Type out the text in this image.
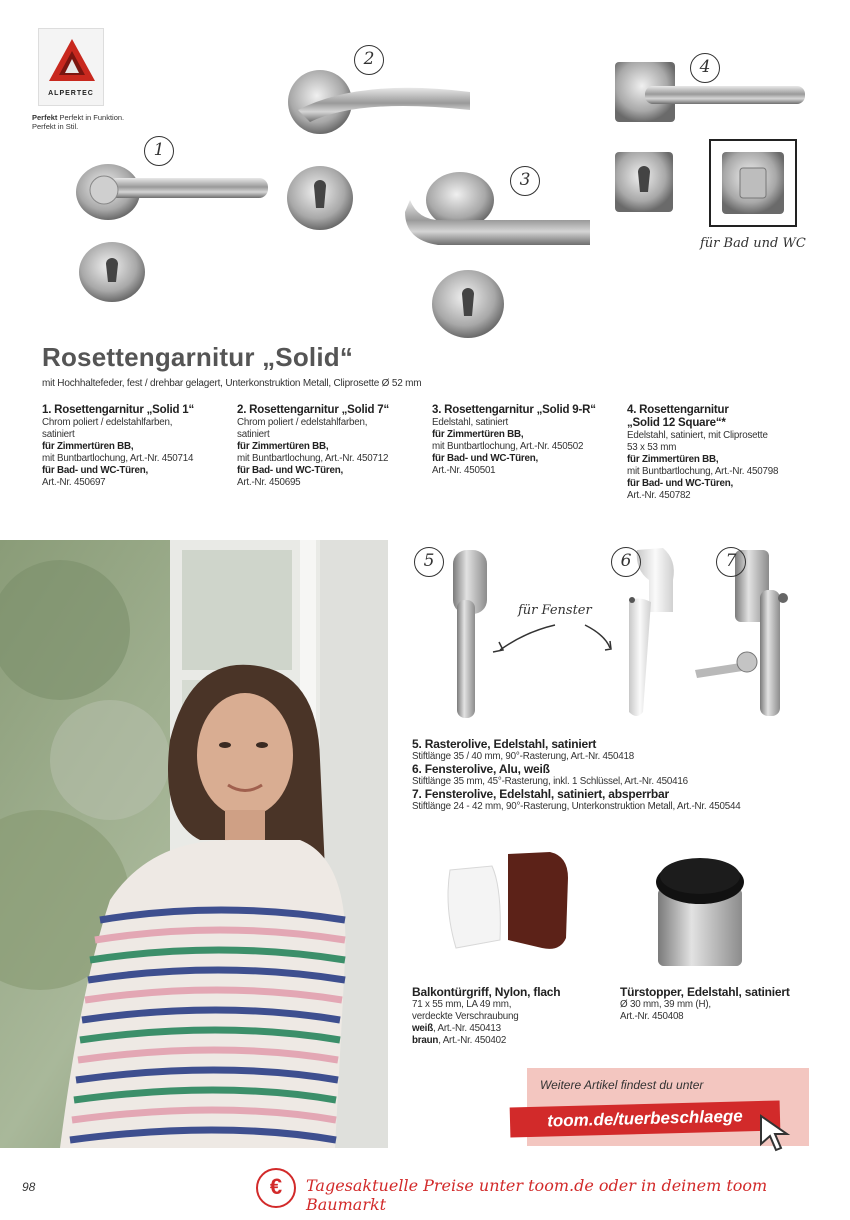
ALPERTEC
Perfekt Perfekt in Funktion.
Perfekt in Stil.
1
2
3
4
für Bad und WC
Rosettengarnitur „Solid“
mit Hochhaltefeder, fest / drehbar gelagert, Unterkonstruktion Metall, Cliprosette Ø 52 mm
1. Rosettengarnitur „Solid 1“
Chrom poliert / edelstahlfarben,
satiniert
für Zimmertüren BB,
mit Buntbartlochung, Art.-Nr. 450714
für Bad- und WC-Türen,
Art.-Nr. 450697
2. Rosettengarnitur „Solid 7“
Chrom poliert / edelstahlfarben,
satiniert
für Zimmertüren BB,
mit Buntbartlochung, Art.-Nr. 450712
für Bad- und WC-Türen,
Art.-Nr. 450695
3. Rosettengarnitur „Solid 9-R“
Edelstahl, satiniert
für Zimmertüren BB,
mit Buntbartlochung, Art.-Nr. 450502
für Bad- und WC-Türen,
Art.-Nr. 450501
4. Rosettengarnitur
„Solid 12 Square“*
Edelstahl, satiniert, mit Cliprosette
53 x 53 mm
für Zimmertüren BB,
mit Buntbartlochung, Art.-Nr. 450798
für Bad- und WC-Türen,
Art.-Nr. 450782
5	6	7
für Fenster
5. Rasterolive, Edelstahl, satiniert
Stiftlänge 35 / 40 mm, 90°-Rasterung, Art.-Nr. 450418
6. Fensterolive, Alu, weiß
Stiftlänge 35 mm, 45°-Rasterung, inkl. 1 Schlüssel, Art.-Nr. 450416
7. Fensterolive, Edelstahl, satiniert, absperrbar
Stiftlänge 24 - 42 mm, 90°-Rasterung, Unterkonstruktion Metall, Art.-Nr. 450544
Balkontürgriff, Nylon, flach
71 x 55 mm, LA 49 mm,
verdeckte Verschraubung
weiß, Art.-Nr. 450413
braun, Art.-Nr. 450402
Türstopper, Edelstahl, satiniert
Ø 30 mm, 39 mm (H),
Art.-Nr. 450408
Weitere Artikel findest du unter
toom.de/tuerbeschlaege
98	€	Tagesaktuelle Preise unter toom.de oder in deinem toom Baumarkt
